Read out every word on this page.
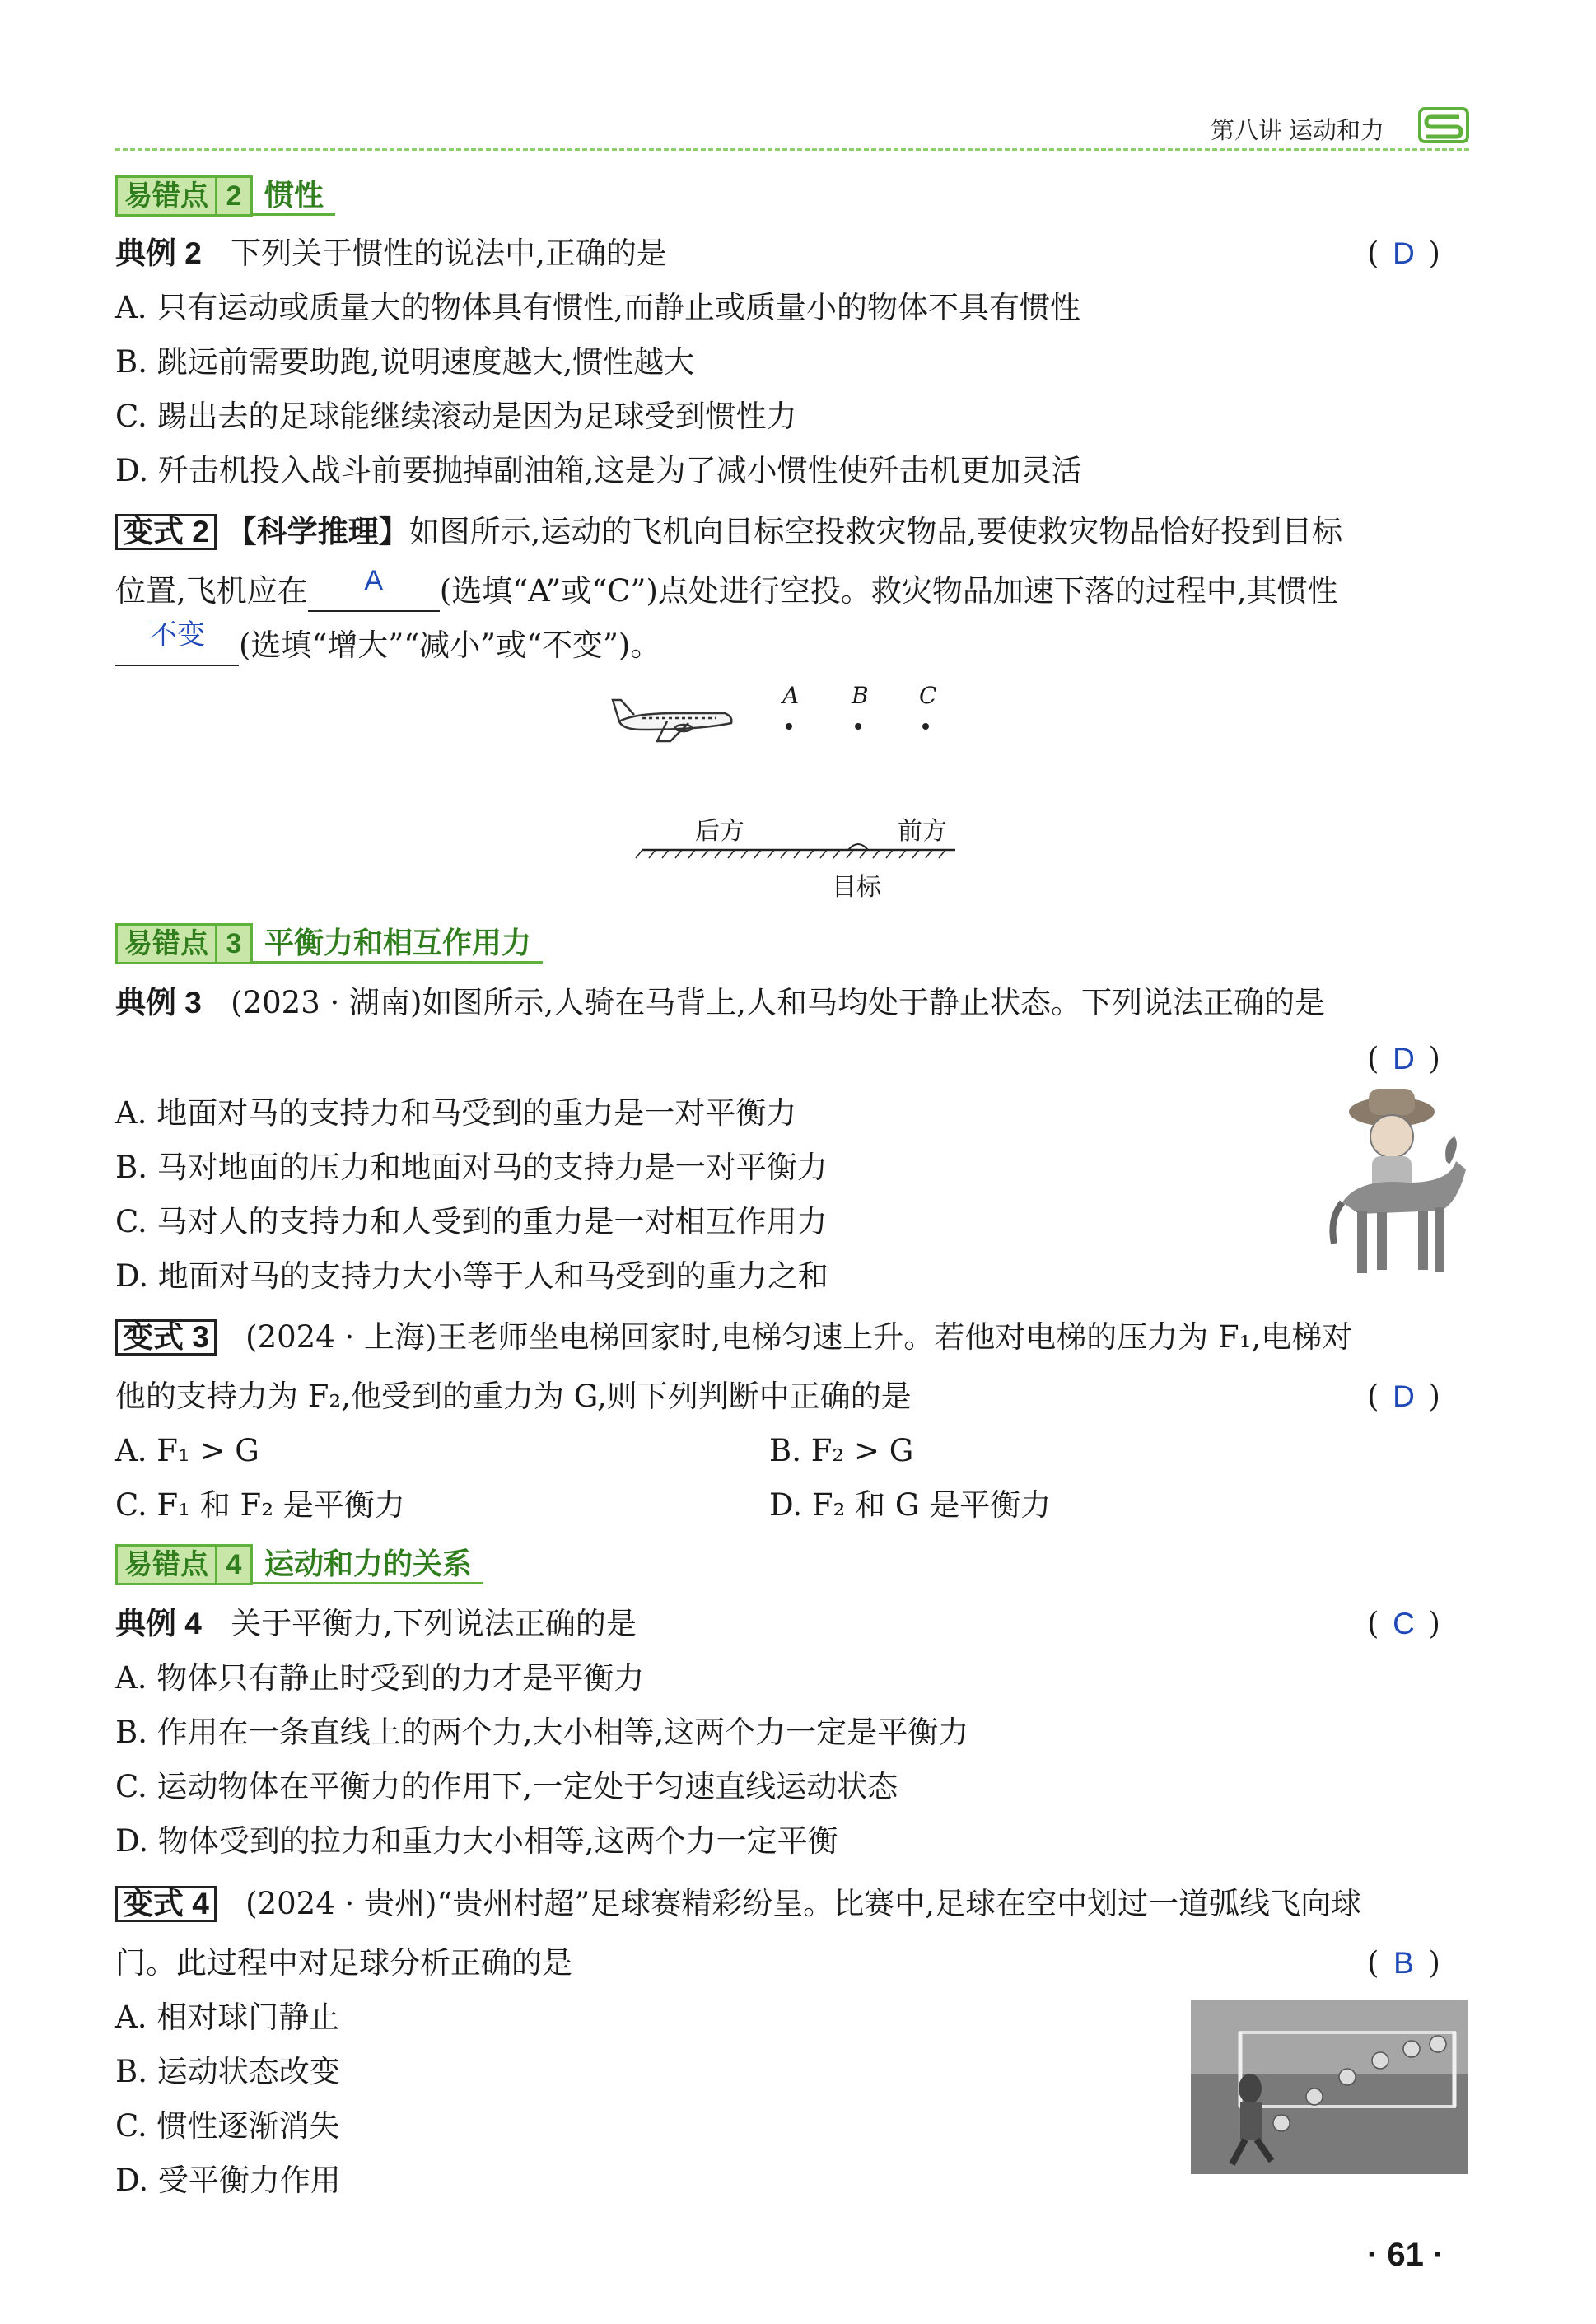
第八讲 运动和力
易错点 2 惯性
典例 2 下列关于惯性的说法中,正确的是	( D )
A. 只有运动或质量大的物体具有惯性,而静止或质量小的物体不具有惯性
B. 跳远前需要助跑,说明速度越大,惯性越大
C. 踢出去的足球能继续滚动是因为足球受到惯性力
D. 歼击机投入战斗前要抛掉副油箱,这是为了减小惯性使歼击机更加灵活
变式 2 【科学推理】如图所示,运动的飞机向目标空投救灾物品,要使救灾物品恰好投到目标
位置,飞机应在 A (选填“A”或“C”)点处进行空投。救灾物品加速下落的过程中,其惯性
不变 (选填“增大”“减小”或“不变”)。
A B C
后方	前方
目标
易错点 3 平衡力和相互作用力
典例 3 (2023 · 湖南)如图所示,人骑在马背上,人和马均处于静止状态。下列说法正确的是
( D )
A. 地面对马的支持力和马受到的重力是一对平衡力
B. 马对地面的压力和地面对马的支持力是一对平衡力
C. 马对人的支持力和人受到的重力是一对相互作用力
D. 地面对马的支持力大小等于人和马受到的重力之和
变式 3 (2024 · 上海)王老师坐电梯回家时,电梯匀速上升。若他对电梯的压力为 F₁,电梯对
他的支持力为 F₂,他受到的重力为 G,则下列判断中正确的是	( D )
A. F₁ > G	B. F₂ > G
C. F₁ 和 F₂ 是平衡力	D. F₂ 和 G 是平衡力
易错点 4 运动和力的关系
典例 4 关于平衡力,下列说法正确的是	( C )
A. 物体只有静止时受到的力才是平衡力
B. 作用在一条直线上的两个力,大小相等,这两个力一定是平衡力
C. 运动物体在平衡力的作用下,一定处于匀速直线运动状态
D. 物体受到的拉力和重力大小相等,这两个力一定平衡
变式 4 (2024 · 贵州)“贵州村超”足球赛精彩纷呈。比赛中,足球在空中划过一道弧线飞向球
门。此过程中对足球分析正确的是	( B )
A. 相对球门静止
B. 运动状态改变
C. 惯性逐渐消失
D. 受平衡力作用
· 61 ·
